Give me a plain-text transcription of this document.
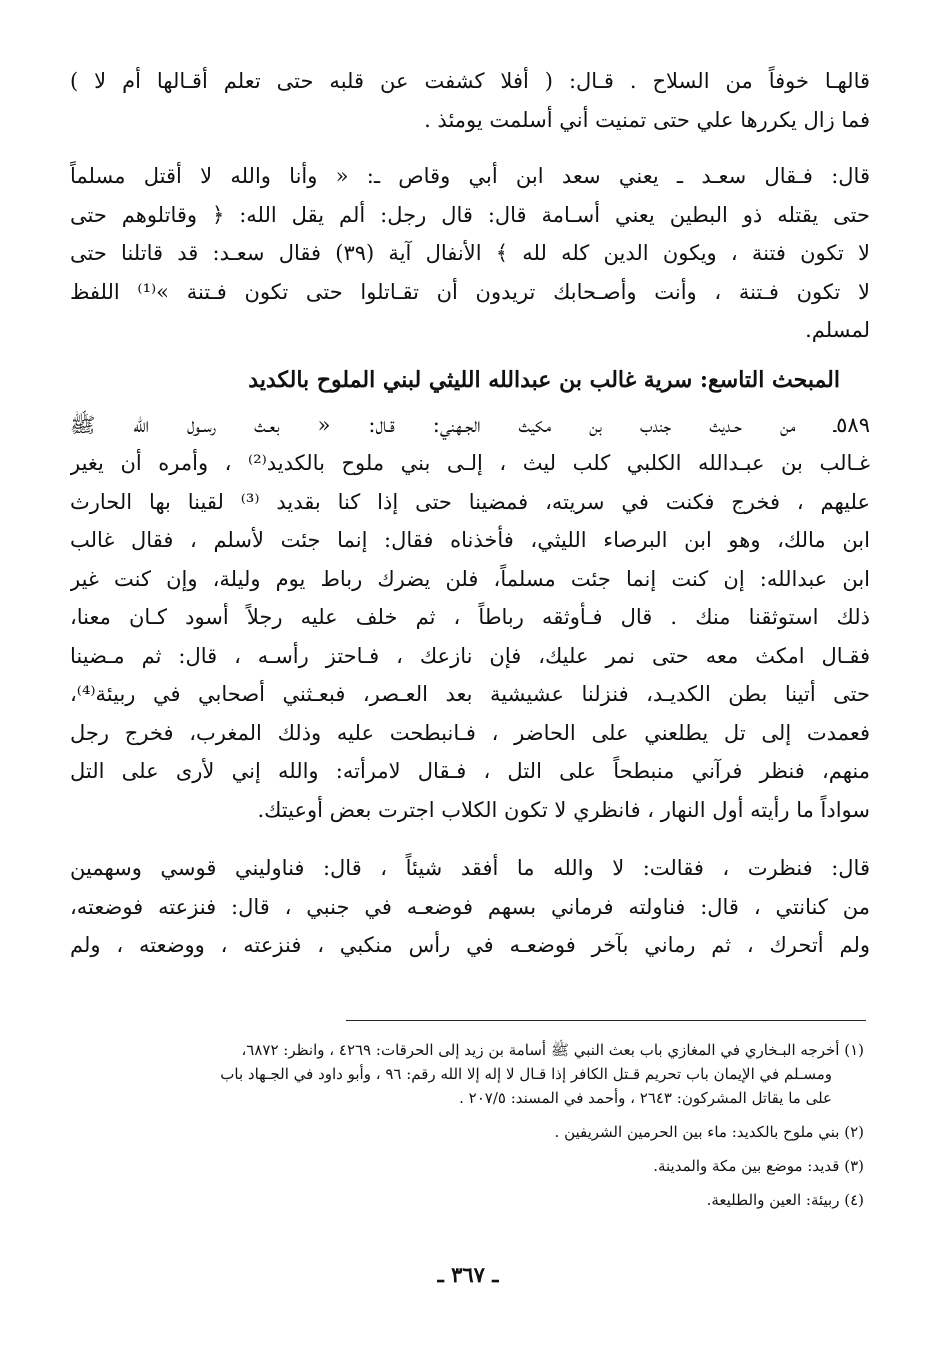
قالهـا خوفاً من السلاح . قـال: ( أفلا كشفت عن قلبه حتى تعلم أقـالها أم لا )
فما زال يكررها علي حتى تمنيت أني أسلمت يومئذ .
قال: فـقال سعـد ـ يعني سعد ابن أبي وقاص ـ: « وأنا والله لا أقتل مسلماً
حتى يقتله ذو البطين يعني أسـامة قال: قال رجل: ألم يقل الله: ﴿ وقاتلوهم حتى
لا تكون فتنة ، ويكون الدين كله لله ﴾ الأنفال آية (٣٩) فقال سعـد: قد قاتلنا حتى
لا تكون فـتنة ، وأنت وأصـحابك تريدون أن تقـاتلوا حتى تكون فـتنة »⁽¹⁾ اللفظ
لمسلم.
المبحث التاسع: سرية غالب بن عبدالله الليثي لبني الملوح بالكديد
٥٨٩ـ من حـديث جندب بن مكيث الجـهني: قـال: « بعـث رسـول الله ﷺ
غـالب بن عبـدالله الكلبي كلب ليث ، إلـى بني ملوح بالكديد⁽²⁾ ، وأمره أن يغير
عليهم ، فخرج فكنت في سريته، فمضينا حتى إذا كنا بقديد ⁽³⁾ لقينا بها الحارث
ابن مالك، وهو ابن البرصاء الليثي، فأخذناه فقال: إنما جئت لأسلم ، فقال غالب
ابن عبدالله: إن كنت إنما جئت مسلماً، فلن يضرك رباط يوم وليلة، وإن كنت غير
ذلك استوثقنا منك . قال فـأوثقه رباطاً ، ثم خلف عليه رجلاً أسود كـان معنا،
فقـال امكث معه حتى نمر عليك، فإن نازعك ، فـاحتز رأسـه ، قال: ثم مـضينا
حتى أتينا بطن الكديـد، فنزلنا عشيشية بعد العـصر، فبعـثني أصحابي في ربيئة⁽⁴⁾،
فعمدت إلى تل يطلعني على الحاضر ، فـانبطحت عليه وذلك المغرب، فخرج رجل
منهم، فنظر فرآني منبطحاً على التل ، فـقال لامرأته: والله إني لأرى على التل
سواداً ما رأيته أول النهار ، فانظري لا تكون الكلاب اجترت بعض أوعيتك.
قال: فنظرت ، فقالت: لا والله ما أفقد شيئاً ، قال: فناوليني قوسي وسهمين
من كنانتي ، قال: فناولته فرماني بسهم فوضعـه في جنبي ، قال: فنزعته فوضعته،
ولم أتحرك ، ثم رماني بآخر فوضعـه في رأس منكبي ، فنزعته ، ووضعته ، ولم
(١) أخرجه البـخاري في المغازي باب بعث النبي ﷺ أسامة بن زيد إلى الحرقات: ٤٢٦٩ ، وانظر: ٦٨٧٢،
ومسـلم في الإيمان باب تحريم قـتل الكافر إذا قـال لا إله إلا الله رقم: ٩٦ ، وأبو داود في الجـهاد باب
على ما يقاتل المشركون: ٢٦٤٣ ، وأحمد في المسند: ٢٠٧/٥ .
(٢) بني ملوح بالكديد: ماء بين الحرمين الشريفين .
(٣) قديد: موضع بين مكة والمدينة.
(٤) ربيئة: العين والطليعة.
ـ ٣٦٧ ـ
